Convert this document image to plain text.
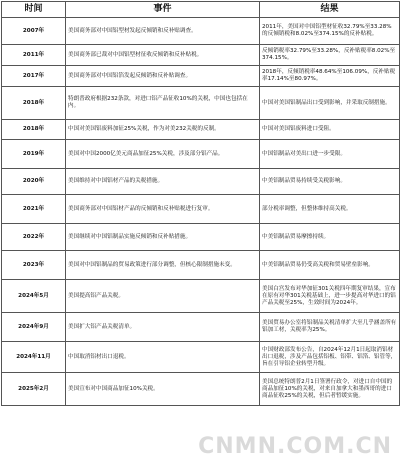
时间	事件	结果
2007年	美国商务部对中国铝型材发起反倾销和反补贴调查。	2011年，美国对中国铝型材征收32.79%至33.28%的反倾销税和8.02%至374.15%的反补贴税。
2011年	美国商务部已裁对中国铝型材征收反倾销和反补贴税。	反倾销税率32.79%至33.28%，反补贴税率8.02%至374.15%。
2017年	美国商务部对中国铝箔发起反倾销和反补贴调查。	2018年，反倾销税率48.64%至106.09%，反补贴税率17.14%至80.97%。
2018年	特朗普政府根据232条款，对进口铝产品征收10%的关税，中国也包括在内。	中国对美国铝制品出口受到影响，并采取反制措施。
2018年	中国对美国铝废料加征25%关税，作为对美232关税的反制。	中国对美国铝废料进口受阻。
2019年	美国对中国2000亿美元商品加征25%关税，涉及部分铝产品。	中国铝制品对美出口进一步受限。
2020年	美国维持对中国铝材产品的关税措施。	中美铝制品贸易持续受关税影响。
2021年	美国商务部对中国铝材产品的反倾销和反补贴税进行复审。	部分税率调整，但整体维持高关税。
2022年	美国继续对中国铝制品实施反倾销和反补贴措施。	中美铝制品贸易摩擦持续。
2023年	美国对中国铝制品的贸易政策进行部分调整，但核心限制措施未变。	中美铝制品贸易仍受高关税和贸易壁垒影响。
2024年5月	美国提高铝产品关税。	美国白宫发布对华加征301关税四年期复审结果，宣布在原有对华301关税基础上，进一步提高对华进口的铝产品关税至25%，生效时间为2024年。
2024年9月	美国扩大铝产品关税清单。	美国贸易办公室将铝制品关税清单扩大至几乎涵盖所有铝加工材，关税率为25%。
2024年11月	中国取消铝材出口退税。	中国财政部发布公告，自2024年12月1日起取消铝材出口退税，涉及产品包括铝板、铝带、铝箔、铝管等，旨在引导铝企业转型升级。
2025年2月	美国宣布对中国商品加征10%关税。	美国总统特朗普2月1日签署行政令，对进口自中国的商品加征10%的关税，对来自加拿大和墨西哥的进口商品征收25%的关税，但后者暂缓实施。
CNMN.COM.CN
